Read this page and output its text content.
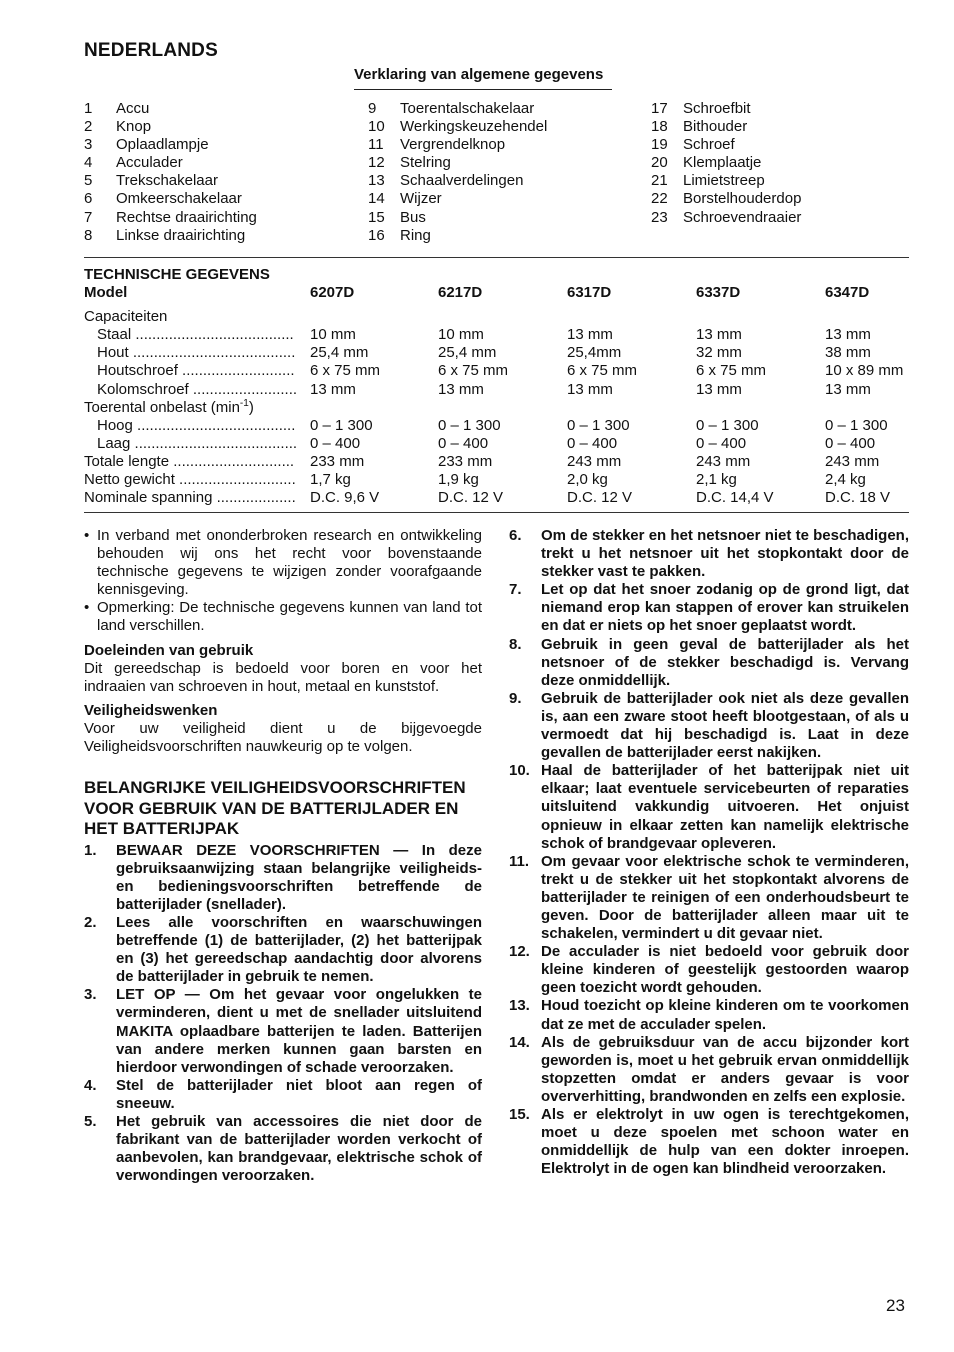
NEDERLANDS
Verklaring van algemene gegevens
1	Accu
2	Knop
3	Oplaadlampje
4	Acculader
5	Trekschakelaar
6	Omkeerschakelaar
7	Rechtse draairichting
8	Linkse draairichting
9	Toerentalschakelaar
10	Werkingskeuzehendel
11	Vergrendelknop
12	Stelring
13	Schaalverdelingen
14	Wijzer
15	Bus
16	Ring
17	Schroefbit
18	Bithouder
19	Schroef
20	Klemplaatje
21	Limietstreep
22	Borstelhouderdop
23	Schroevendraaier
TECHNISCHE GEGEVENS
Model	6207D	6217D	6317D	6337D	6347D
Capaciteiten
Staal ......................................	10 mm	10 mm	13 mm	13 mm	13 mm
Hout ....................................... 25,4 mm	25,4 mm	25,4mm	32 mm	38 mm
Houtschroef ...........................	6 x 75 mm	6 x 75 mm	6 x 75 mm	6 x 75 mm	10 x 89 mm
Kolomschroef ......................... 13 mm	13 mm	13 mm	13 mm	13 mm
Toerental onbelast $(\min^{-1})$
Hoog ...................................... 0 – 1 300	0 – 1 300	0 – 1 300	0 – 1 300	0 – 1 300
Laag ....................................... 0 – 400	0 – 400	0 – 400	0 – 400	0 – 400
Totale lengte .............................	233 mm	233 mm	243 mm	243 mm	243 mm
Netto gewicht ............................ 1,7 kg	1,9 kg	2,0 kg	2,1 kg	2,4 kg
Nominale spanning ................... D.C. 9,6 V	D.C. 12 V	D.C. 12 V	D.C. 14,4 V	D.C. 18 V
• In verband met ononderbroken research en ontwikkeling behouden wij ons het recht voor bovenstaande technische gegevens te wijzigen zonder voorafgaande kennisgeving.
• Opmerking: De technische gegevens kunnen van land tot land verschillen.
Doeleinden van gebruik
Dit gereedschap is bedoeld voor boren en voor het indraaien van schroeven in hout, metaal en kunststof.
Veiligheidswenken
Voor uw veiligheid dient u de bijgevoegde Veiligheidsvoorschriften nauwkeurig op te volgen.
BELANGRIJKE VEILIGHEIDSVOORSCHRIFTEN VOOR GEBRUIK VAN DE BATTERIJLADER EN HET BATTERIJPAK
1.	BEWAAR DEZE VOORSCHRIFTEN — In deze gebruiksaanwijzing staan belangrijke veiligheids- en bedieningsvoorschriften betreffende de batterijlader (snellader).
2.	Lees alle voorschriften en waarschuwingen betreffende (1) de batterijlader, (2) het batterijpak en (3) het gereedschap aandachtig door alvorens de batterijlader in gebruik te nemen.
3.	LET OP — Om het gevaar voor ongelukken te verminderen, dient u met de snellader uitsluitend MAKITA oplaadbare batterijen te laden. Batterijen van andere merken kunnen gaan barsten en hierdoor verwondingen of schade veroorzaken.
4.	Stel de batterijlader niet bloot aan regen of sneeuw.
5.	Het gebruik van accessoires die niet door de fabrikant van de batterijlader worden verkocht of aanbevolen, kan brandgevaar, elektrische schok of verwondingen veroorzaken.
6.	Om de stekker en het netsnoer niet te beschadigen, trekt u het netsnoer uit het stopkontakt door de stekker vast te pakken.
7.	Let op dat het snoer zodanig op de grond ligt, dat niemand erop kan stappen of erover kan struikelen en dat er niets op het snoer geplaatst wordt.
8.	Gebruik in geen geval de batterijlader als het netsnoer of de stekker beschadigd is. Vervang deze onmiddellijk.
9.	Gebruik de batterijlader ook niet als deze gevallen is, aan een zware stoot heeft blootgestaan, of als u vermoedt dat hij beschadigd is. Laat in deze gevallen de batterijlader eerst nakijken.
10. Haal de batterijlader of het batterijpak niet uit elkaar; laat eventuele servicebeurten of reparaties uitsluitend vakkundig uitvoeren. Het onjuist opnieuw in elkaar zetten kan namelijk elektrische schok of brandgevaar opleveren.
11. Om gevaar voor elektrische schok te verminderen, trekt u de stekker uit het stopkontakt alvorens de batterijlader te reinigen of een onderhoudsbeurt te geven. Door de batterijlader alleen maar uit te schakelen, vermindert u dit gevaar niet.
12. De acculader is niet bedoeld voor gebruik door kleine kinderen of geestelijk gestoorden waarop geen toezicht wordt gehouden.
13. Houd toezicht op kleine kinderen om te voorkomen dat ze met de acculader spelen.
14. Als de gebruiksduur van de accu bijzonder kort geworden is, moet u het gebruik ervan onmiddellijk stopzetten omdat er anders gevaar is voor oververhitting, brandwonden en zelfs een explosie.
15. Als er elektrolyt in uw ogen is terechtgekomen, moet u deze spoelen met schoon water en onmiddellijk de hulp van een dokter inroepen. Elektrolyt in de ogen kan blindheid veroorzaken.
23
